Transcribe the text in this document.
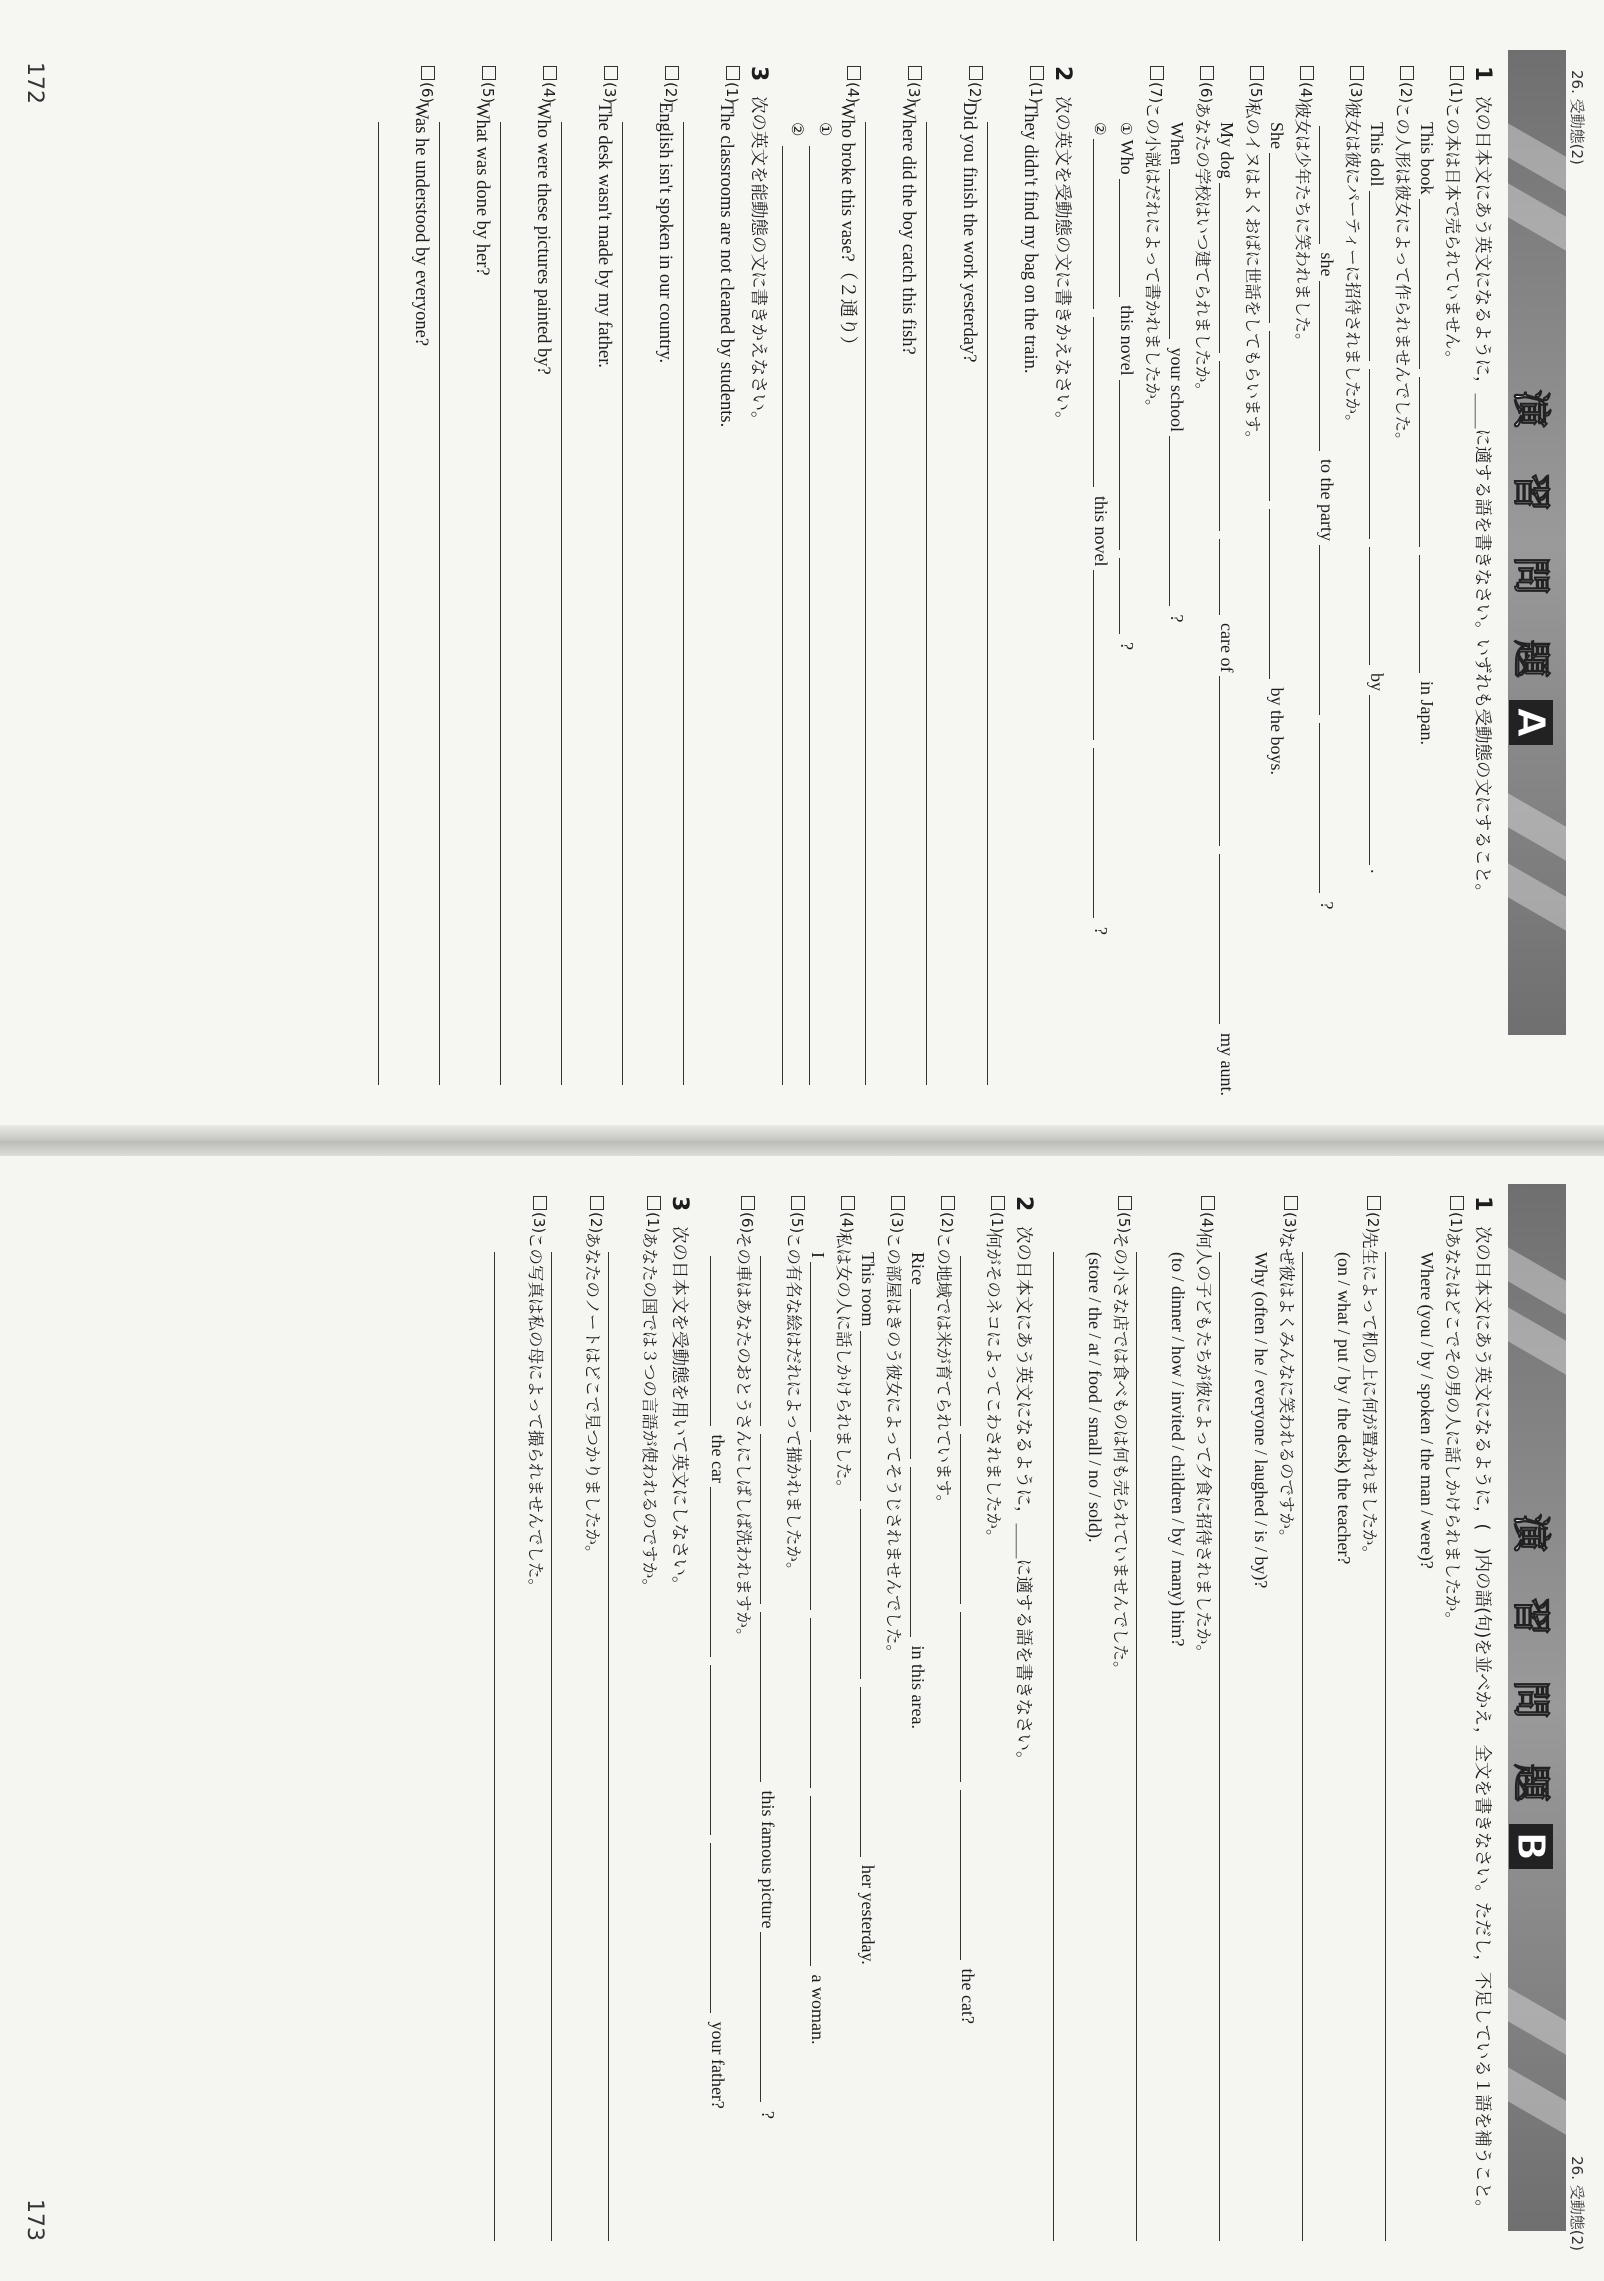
26. 受動態(2)
演 習 問 題A
1
次の日本文にあう英文になるように，＿＿に適する語を書きなさい。いずれも受動態の文にすること。
(1)
この本は日本で売られていません。
This book in Japan.
(2)
この人形は彼女によって作られませんでした。
This doll by.
(3)
彼女は彼にパーティーに招待されましたか。
she to the party ?
(4)
彼女は少年たちに笑われました。
She by the boys.
(5)
私のイヌはよくおばに世話をしてもらいます。
My dog care of my aunt.
(6)
あなたの学校はいつ建てられましたか。
When your school ?
(7)
この小説はだれによって書かれましたか。
① Who this novel ?
② this novel ?
2
次の英文を受動態の文に書きかえなさい。
(1)
They didn't find my bag on the train.
(2)
Did you finish the work yesterday?
(3)
Where did the boy catch this fish?
(4)
Who broke this vase?（２通り）
①
②
3
次の英文を能動態の文に書きかえなさい。
(1)
The classrooms are not cleaned by students.
(2)
English isn't spoken in our country.
(3)
The desk wasn't made by my father.
(4)
Who were these pictures painted by?
(5)
What was done by her?
(6)
Was he understood by everyone?
172
26. 受動態(2)
演 習 問 題B
1
次の日本文にあう英文になるように，(　)内の語(句)を並べかえ，全文を書きなさい。ただし，不足している１語を補うこと。
(1)
あなたはどこでその男の人に話しかけられましたか。
Where (you / by / spoken / the man / were)?
(2)
先生によって机の上に何が置かれましたか。
(on / what / put / by / the desk) the teacher?
(3)
なぜ彼はよくみんなに笑われるのですか。
Why (often / he / everyone / laughed / is / by)?
(4)
何人の子どもたちが彼によって夕食に招待されましたか。
(to / dinner / how / invited / children / by / many) him?
(5)
その小さな店では食べものは何も売られていませんでした。
(store / the / at / food / small / no / sold).
2
次の日本文にあう英文になるように，＿＿に適する語を書きなさい。
(1)
何がそのネコによってこわされましたか。
the cat?
(2)
この地域では米が育てられています。
Rice in this area.
(3)
この部屋はきのう彼女によってそうじされませんでした。
This room her yesterday.
(4)
私は女の人に話しかけられました。
I a woman.
(5)
この有名な絵はだれによって描かれましたか。
this famous picture ?
(6)
その車はあなたのおとうさんにしばしば洗われますか。
the car your father?
3
次の日本文を受動態を用いて英文にしなさい。
(1)
あなたの国では３つの言語が使われるのですか。
(2)
あなたのノートはどこで見つかりましたか。
(3)
この写真は私の母によって撮られませんでした。
173
